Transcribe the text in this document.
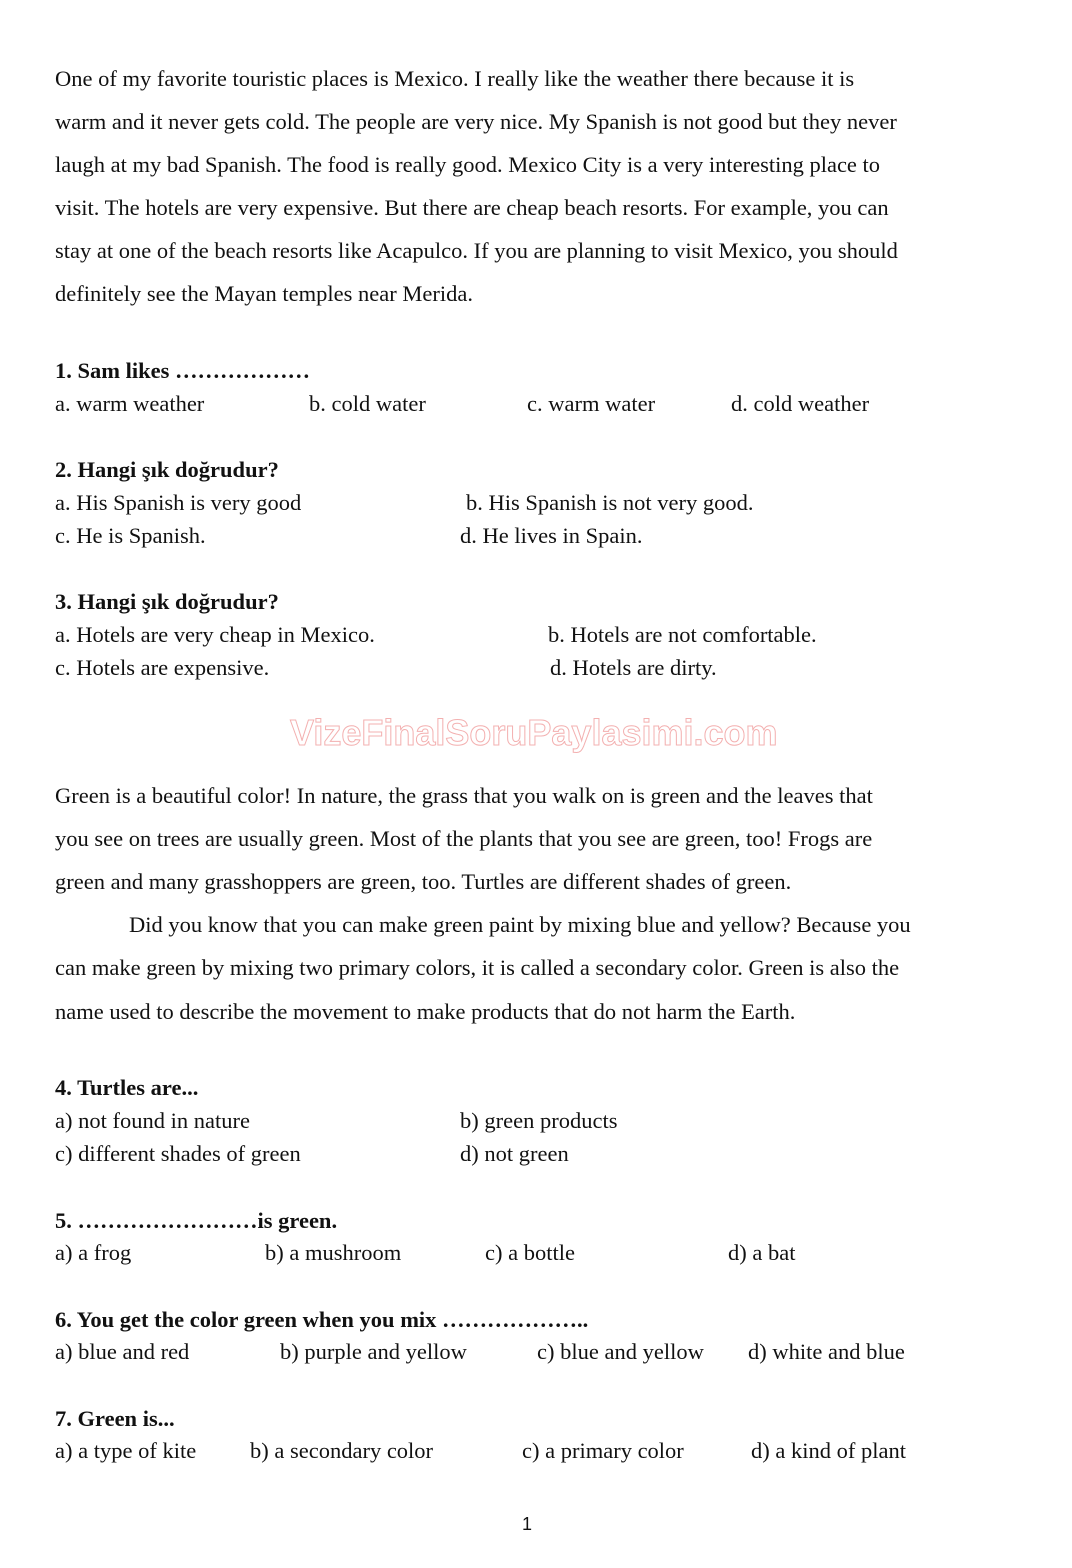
VizeFinalSoruPaylasimi.com
One of my favorite touristic places is Mexico. I really like the weather there because it is
warm and it never gets cold. The people are very nice. My Spanish is not good but they never
laugh at my bad Spanish. The food is really good. Mexico City is a very interesting place to
visit. The hotels are very expensive. But there are cheap beach resorts. For example, you can
stay at one of the beach resorts like Acapulco. If you are planning to visit Mexico, you should
definitely see the Mayan temples near Merida.
1. Sam likes ………………
a. warm weather	b. cold water	c. warm water	d. cold weather
2. Hangi şık doğrudur?
a. His Spanish is very good	b. His Spanish is not very good.
c. He is Spanish.	d. He lives in Spain.
3. Hangi şık doğrudur?
a. Hotels are very cheap in Mexico.	b. Hotels are not comfortable.
c. Hotels are expensive.	d. Hotels are dirty.
Green is a beautiful color! In nature, the grass that you walk on is green and the leaves that
you see on trees are usually green. Most of the plants that you see are green, too! Frogs are
green and many grasshoppers are green, too. Turtles are different shades of green.
Did you know that you can make green paint by mixing blue and yellow? Because you
can make green by mixing two primary colors, it is called a secondary color. Green is also the
name used to describe the movement to make products that do not harm the Earth.
4. Turtles are...
a) not found in nature	b) green products
c) different shades of green	d) not green
5. ……………………is green.
a) a frog	b) a mushroom	c) a bottle	d) a bat
6. You get the color green when you mix ………………..
a) blue and red	b) purple and yellow	c) blue and yellow d) white and blue
7. Green is...
a) a type of kite b) a secondary color	c) a primary color	d) a kind of plant
1
